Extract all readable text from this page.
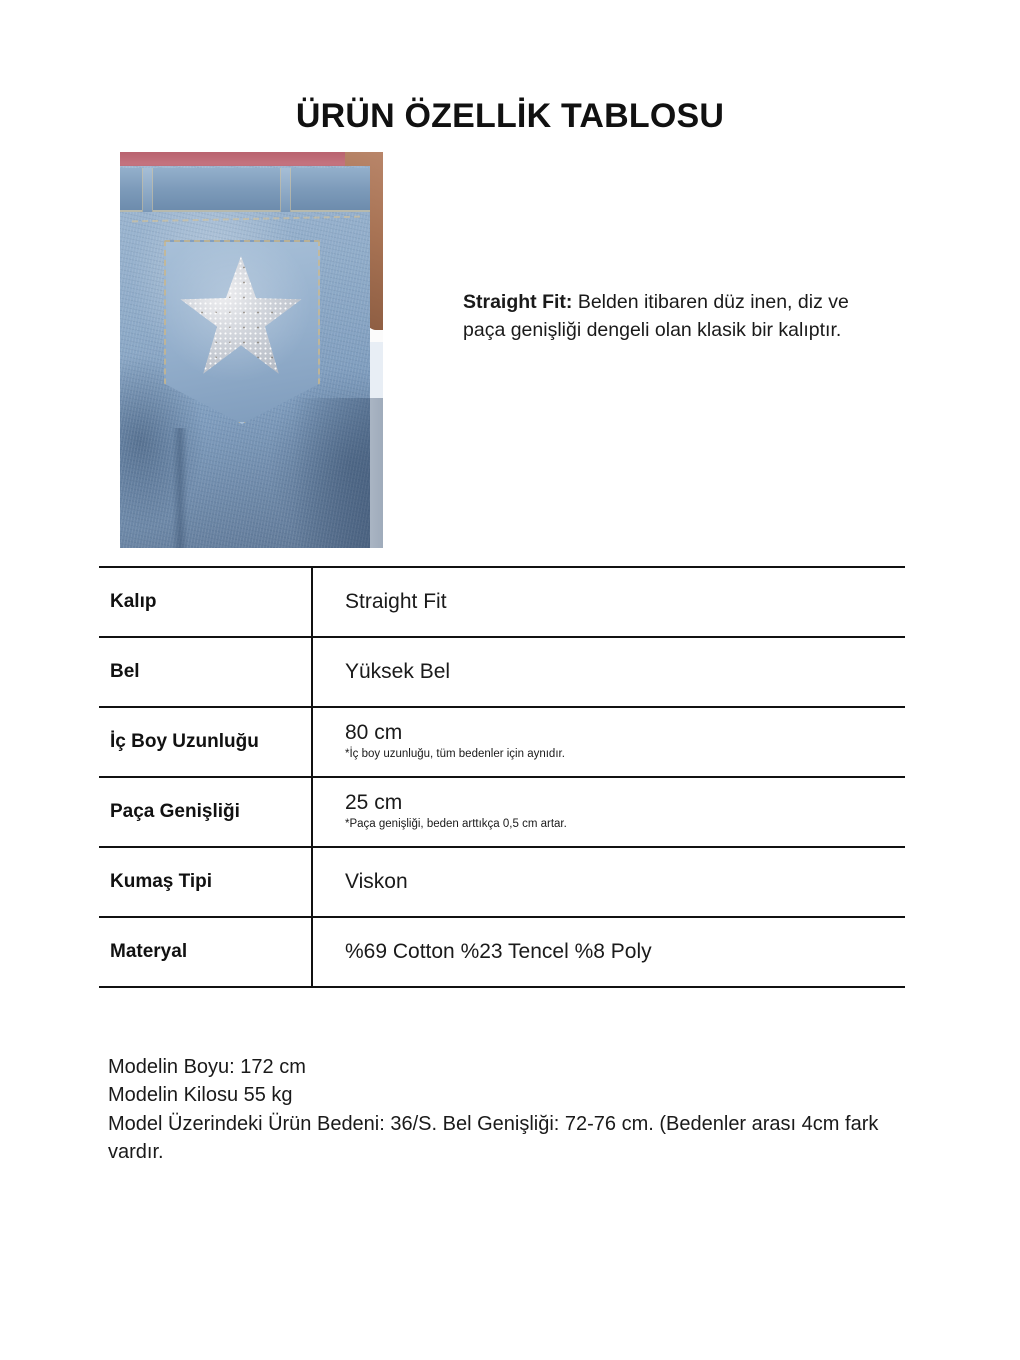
ÜRÜN ÖZELLİK TABLOSU
Straight Fit: Belden itibaren düz inen, diz ve paça genişliği dengeli olan klasik bir kalıptır.
Kalıp	Straight Fit
Bel	Yüksek Bel
İç Boy Uzunluğu	80 cm
*İç boy uzunluğu, tüm bedenler için aynıdır.
Paça Genişliği	25 cm
*Paça genişliği, beden arttıkça 0,5 cm artar.
Kumaş Tipi	Viskon
Materyal	%69 Cotton %23 Tencel %8 Poly

Modelin Boyu: 172 cm

Modelin Kilosu 55 kg

Model Üzerindeki Ürün Bedeni: 36/S. Bel Genişliği: 72-76 cm. (Bedenler arası 4cm fark vardır.
